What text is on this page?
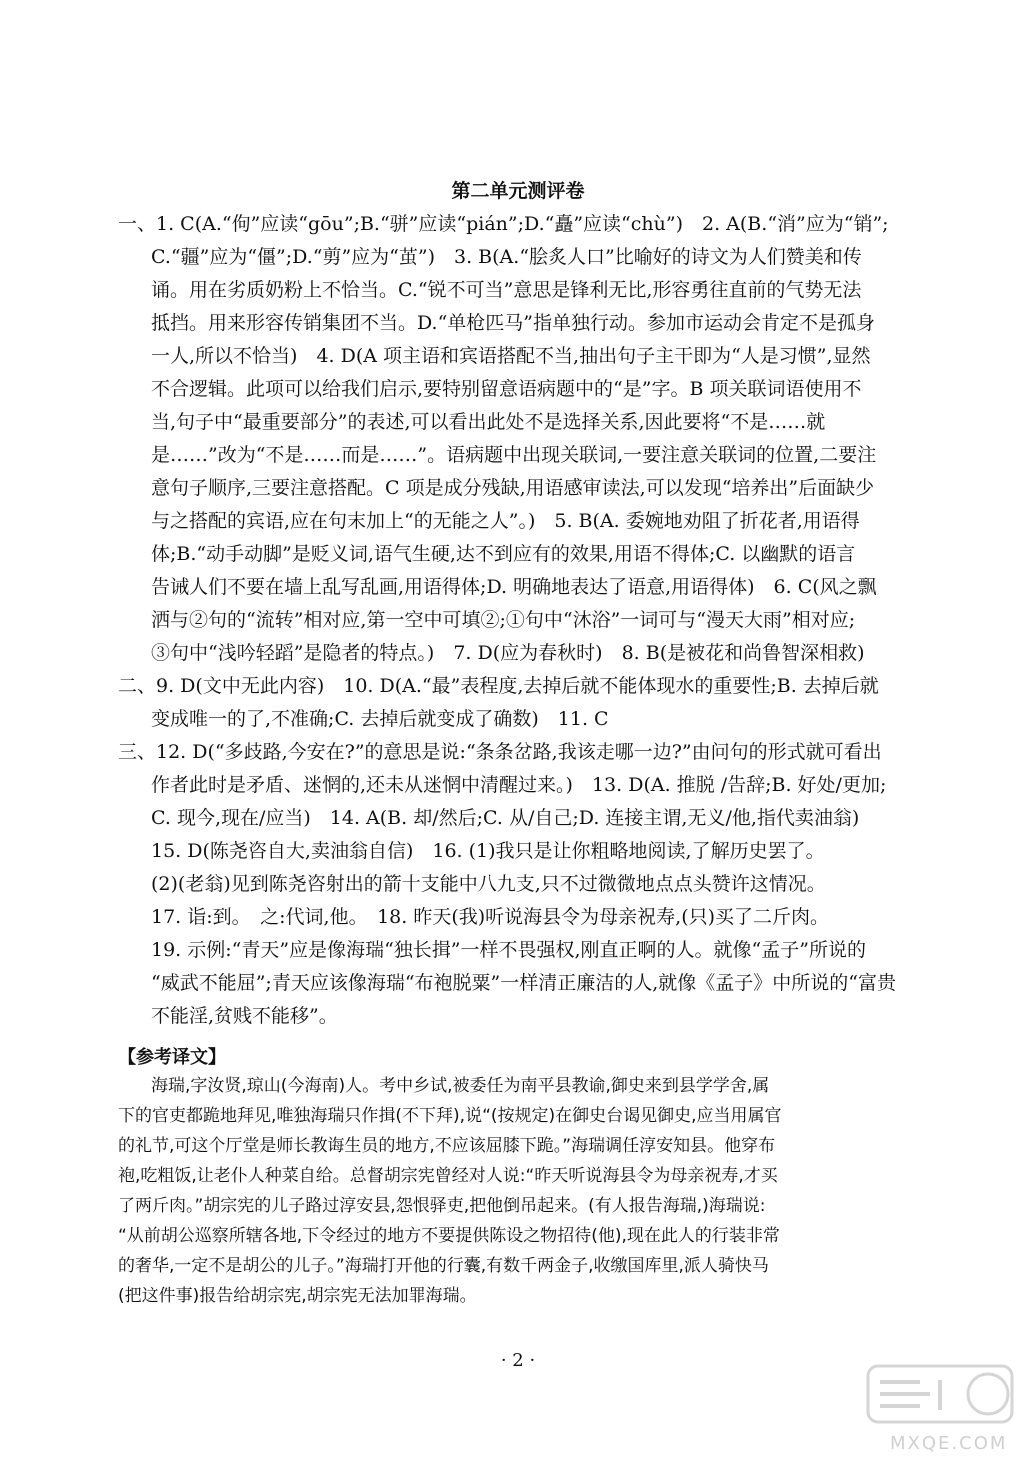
第二单元测评卷
一、1. C(A.“佝”应读“gōu”;B.“骈”应读“pián”;D.“矗”应读“chù”)　2. A(B.“消”应为“销”;
C.“疆”应为“僵”;D.“剪”应为“茧”)　3. B(A.“脍炙人口”比喻好的诗文为人们赞美和传
诵。用在劣质奶粉上不恰当。C.“锐不可当”意思是锋利无比,形容勇往直前的气势无法
抵挡。用来形容传销集团不当。D.“单枪匹马”指单独行动。参加市运动会肯定不是孤身
一人,所以不恰当)　4. D(A 项主语和宾语搭配不当,抽出句子主干即为“人是习惯”,显然
不合逻辑。此项可以给我们启示,要特别留意语病题中的“是”字。B 项关联词语使用不
当,句子中“最重要部分”的表述,可以看出此处不是选择关系,因此要将“不是……就
是……”改为“不是……而是……”。语病题中出现关联词,一要注意关联词的位置,二要注
意句子顺序,三要注意搭配。C 项是成分残缺,用语感审读法,可以发现“培养出”后面缺少
与之搭配的宾语,应在句末加上“的无能之人”。)　5. B(A. 委婉地劝阻了折花者,用语得
体;B.“动手动脚”是贬义词,语气生硬,达不到应有的效果,用语不得体;C. 以幽默的语言
告诫人们不要在墙上乱写乱画,用语得体;D. 明确地表达了语意,用语得体)　6. C(风之飘
洒与②句的“流转”相对应,第一空中可填②;①句中“沐浴”一词可与“漫天大雨”相对应;
③句中“浅吟轻蹈”是隐者的特点。)　7. D(应为春秋时)　8. B(是被花和尚鲁智深相救)
二、9. D(文中无此内容)　10. D(A.“最”表程度,去掉后就不能体现水的重要性;B. 去掉后就
变成唯一的了,不准确;C. 去掉后就变成了确数)　11. C
三、12. D(“多歧路,今安在?”的意思是说:“条条岔路,我该走哪一边?”由问句的形式就可看出
作者此时是矛盾、迷惘的,还未从迷惘中清醒过来。)　13. D(A. 推脱 /告辞;B. 好处/更加;
C. 现今,现在/应当)　14. A(B. 却/然后;C. 从/自己;D. 连接主谓,无义/他,指代卖油翁)
15. D(陈尧咨自大,卖油翁自信)　16. (1)我只是让你粗略地阅读,了解历史罢了。
(2)(老翁)见到陈尧咨射出的箭十支能中八九支,只不过微微地点点头赞许这情况。
17. 诣:到。　之:代词,他。　18. 昨天(我)听说海县令为母亲祝寿,(只)买了二斤肉。
19. 示例:“青天”应是像海瑞“独长揖”一样不畏强权,刚直正啊的人。就像“孟子”所说的
“威武不能屈”;青天应该像海瑞“布袍脱粟”一样清正廉洁的人,就像《孟子》中所说的“富贵
不能淫,贫贱不能移”。
【参考译文】
海瑞,字汝贤,琼山(今海南)人。考中乡试,被委任为南平县教谕,御史来到县学学舍,属
下的官吏都跪地拜见,唯独海瑞只作揖(不下拜),说“(按规定)在御史台谒见御史,应当用属官
的礼节,可这个厅堂是师长教诲生员的地方,不应该屈膝下跪。”海瑞调任淳安知县。他穿布
袍,吃粗饭,让老仆人种菜自给。总督胡宗宪曾经对人说:“昨天听说海县令为母亲祝寿,才买
了两斤肉。”胡宗宪的儿子路过淳安县,怨恨驿吏,把他倒吊起来。(有人报告海瑞,)海瑞说:
“从前胡公巡察所辖各地,下令经过的地方不要提供陈设之物招待(他),现在此人的行装非常
的奢华,一定不是胡公的儿子。”海瑞打开他的行囊,有数千两金子,收缴国库里,派人骑快马
(把这件事)报告给胡宗宪,胡宗宪无法加罪海瑞。
· 2 ·
MXQE.COM
